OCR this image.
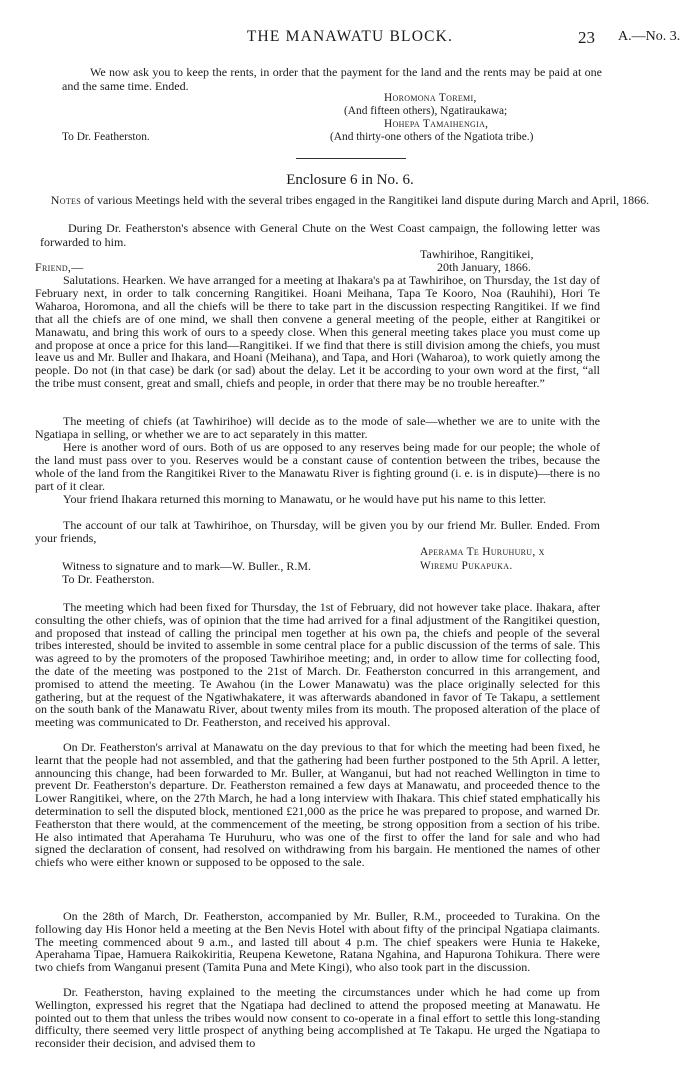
THE MANAWATU BLOCK.	23 A.—No. 3.
We now ask you to keep the rents, in order that the payment for the land and the rents may be paid at one and the same time. Ended.
Horomona Toremi,
(And fifteen others), Ngatiraukawa;
Hohepa Tamaihengia,
To Dr. Featherston.	(And thirty-one others of the Ngatiota tribe.)
Enclosure 6 in No. 6.
Notes of various Meetings held with the several tribes engaged in the Rangitikei land dispute during March and April, 1866.
During Dr. Featherston's absence with General Chute on the West Coast campaign, the following letter was forwarded to him.
Tawhirihoe, Rangitikei,
Friend,—	20th January, 1866.
Salutations. Hearken. We have arranged for a meeting at Ihakara's pa at Tawhirihoe, on Thursday, the 1st day of February next, in order to talk concerning Rangitikei. Hoani Meihana, Tapa Te Kooro, Noa (Rauhihi), Hori Te Waharoa, Horomona, and all the chiefs will be there to take part in the discussion respecting Rangitikei. If we find that all the chiefs are of one mind, we shall then convene a general meeting of the people, either at Rangitikei or Manawatu, and bring this work of ours to a speedy close. When this general meeting takes place you must come up and propose at once a price for this land—Rangitikei. If we find that there is still division among the chiefs, you must leave us and Mr. Buller and Ihakara, and Hoani (Meihana), and Tapa, and Hori (Waharoa), to work quietly among the people. Do not (in that case) be dark (or sad) about the delay. Let it be according to your own word at the first, “all the tribe must consent, great and small, chiefs and people, in order that there may be no trouble hereafter.”
The meeting of chiefs (at Tawhirihoe) will decide as to the mode of sale—whether we are to unite with the Ngatiapa in selling, or whether we are to act separately in this matter.
Here is another word of ours. Both of us are opposed to any reserves being made for our people; the whole of the land must pass over to you. Reserves would be a constant cause of contention between the tribes, because the whole of the land from the Rangitikei River to the Manawatu River is fighting ground (i. e. is in dispute)—there is no part of it clear.
Your friend Ihakara returned this morning to Manawatu, or he would have put his name to this letter.
The account of our talk at Tawhirihoe, on Thursday, will be given you by our friend Mr. Buller. Ended. From your friends,
Aperama Te Huruhuru, x
Witness to signature and to mark—W. Buller., R.M.	Wiremu Pukapuka.
To Dr. Featherston.
The meeting which had been fixed for Thursday, the 1st of February, did not however take place. Ihakara, after consulting the other chiefs, was of opinion that the time had arrived for a final adjustment of the Rangitikei question, and proposed that instead of calling the principal men together at his own pa, the chiefs and people of the several tribes interested, should be invited to assemble in some central place for a public discussion of the terms of sale. This was agreed to by the promoters of the proposed Tawhirihoe meeting; and, in order to allow time for collecting food, the date of the meeting was postponed to the 21st of March. Dr. Featherston concurred in this arrangement, and promised to attend the meeting. Te Awahou (in the Lower Manawatu) was the place originally selected for this gathering, but at the request of the Ngatiwhakatere, it was afterwards abandoned in favor of Te Takapu, a settlement on the south bank of the Manawatu River, about twenty miles from its mouth. The proposed alteration of the place of meeting was communicated to Dr. Featherston, and received his approval.
On Dr. Featherston's arrival at Manawatu on the day previous to that for which the meeting had been fixed, he learnt that the people had not assembled, and that the gathering had been further postponed to the 5th April. A letter, announcing this change, had been forwarded to Mr. Buller, at Wanganui, but had not reached Wellington in time to prevent Dr. Featherston's departure. Dr. Featherston remained a few days at Manawatu, and proceeded thence to the Lower Rangitikei, where, on the 27th March, he had a long interview with Ihakara. This chief stated emphatically his determination to sell the disputed block, mentioned £21,000 as the price he was prepared to propose, and warned Dr. Featherston that there would, at the commencement of the meeting, be strong opposition from a section of his tribe. He also intimated that Aperahama Te Huruhuru, who was one of the first to offer the land for sale and who had signed the declaration of consent, had resolved on withdrawing from his bargain. He mentioned the names of other chiefs who were either known or supposed to be opposed to the sale.
On the 28th of March, Dr. Featherston, accompanied by Mr. Buller, R.M., proceeded to Turakina. On the following day His Honor held a meeting at the Ben Nevis Hotel with about fifty of the principal Ngatiapa claimants. The meeting commenced about 9 a.m., and lasted till about 4 p.m. The chief speakers were Hunia te Hakeke, Aperahama Tipae, Hamuera Raikokiritia, Reupena Kewetone, Ratana Ngahina, and Hapurona Tohikura. There were two chiefs from Wanganui present (Tamita Puna and Mete Kingi), who also took part in the discussion.
Dr. Featherston, having explained to the meeting the circumstances under which he had come up from Wellington, expressed his regret that the Ngatiapa had declined to attend the proposed meeting at Manawatu. He pointed out to them that unless the tribes would now consent to co-operate in a final effort to settle this long-standing difficulty, there seemed very little prospect of anything being accomplished at Te Takapu. He urged the Ngatiapa to reconsider their decision, and advised them to
